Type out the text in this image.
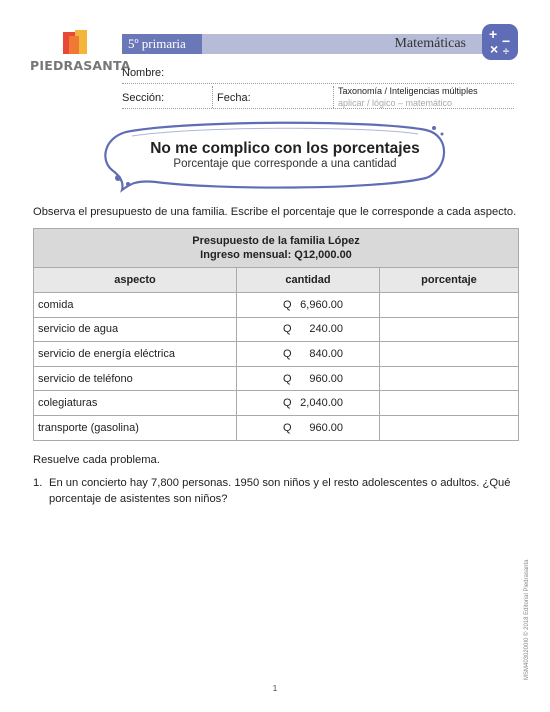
PIEDRASANTA
5º primaria	Matemáticas
+ −
× ÷
Nombre:
Sección:	Fecha:
Taxonomía / Inteligencias múltiples
aplicar / lógico – matemático
No me complico con los porcentajes
Porcentaje que corresponde a una cantidad
Observa el presupuesto de una familia. Escribe el porcentaje que le corresponde a cada aspecto.
Presupuesto de la familia López
Ingreso mensual: Q12,000.00		

aspecto	cantidad	porcentaje
comida	Q 6,960.00	

servicio de agua	Q 240.00	

servicio de energía eléctrica	Q 840.00	

servicio de teléfono	Q 960.00	

colegiaturas	Q 2,040.00	

transporte (gasolina)	Q 960.00	

Resuelve cada problema.
1. En un concierto hay 7,800 personas. 1950 son niños y el resto adolescentes o adultos. ¿Qué porcentaje de asistentes son niños?
MSM4030200I0 © 2018 Editorial Piedrasanta
1
